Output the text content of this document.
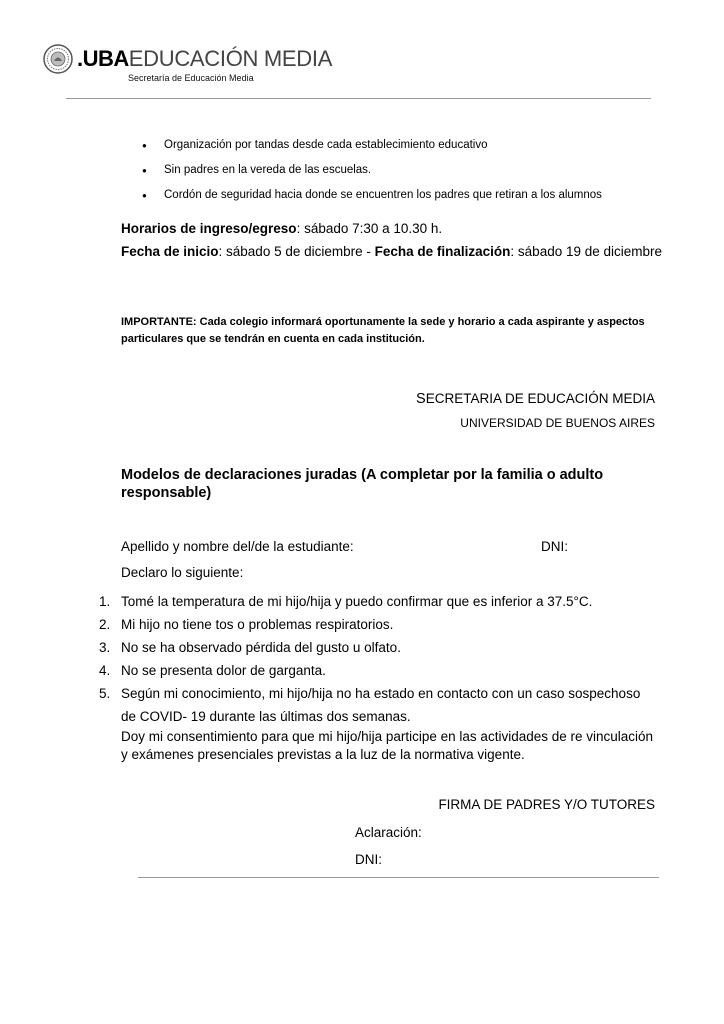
.UBAEDUCACIÓN MEDIA
Secretaría de Educación Media
● Organización por tandas desde cada establecimiento educativo
● Sin padres en la vereda de las escuelas.
● Cordón de seguridad hacia donde se encuentren los padres que retiran a los alumnos
Horarios de ingreso/egreso: sábado 7:30 a 10.30 h.
Fecha de inicio: sábado 5 de diciembre - Fecha de finalización: sábado 19 de diciembre
IMPORTANTE: Cada colegio informará oportunamente la sede y horario a cada aspirante y aspectos particulares que se tendrán en cuenta en cada institución.
SECRETARIA DE EDUCACIÓN MEDIA
UNIVERSIDAD DE BUENOS AIRES
Modelos de declaraciones juradas (A completar por la familia o adulto responsable)
Apellido y nombre del/de la estudiante:	DNI:
Declaro lo siguiente:
1. Tomé la temperatura de mi hijo/hija y puedo confirmar que es inferior a 37.5°C.
2. Mi hijo no tiene tos o problemas respiratorios.
3. No se ha observado pérdida del gusto u olfato.
4. No se presenta dolor de garganta.
5. Según mi conocimiento, mi hijo/hija no ha estado en contacto con un caso sospechoso de COVID- 19 durante las últimas dos semanas.
Doy mi consentimiento para que mi hijo/hija participe en las actividades de re vinculación y exámenes presenciales previstas a la luz de la normativa vigente.
FIRMA DE PADRES Y/O TUTORES
Aclaración:
DNI:
